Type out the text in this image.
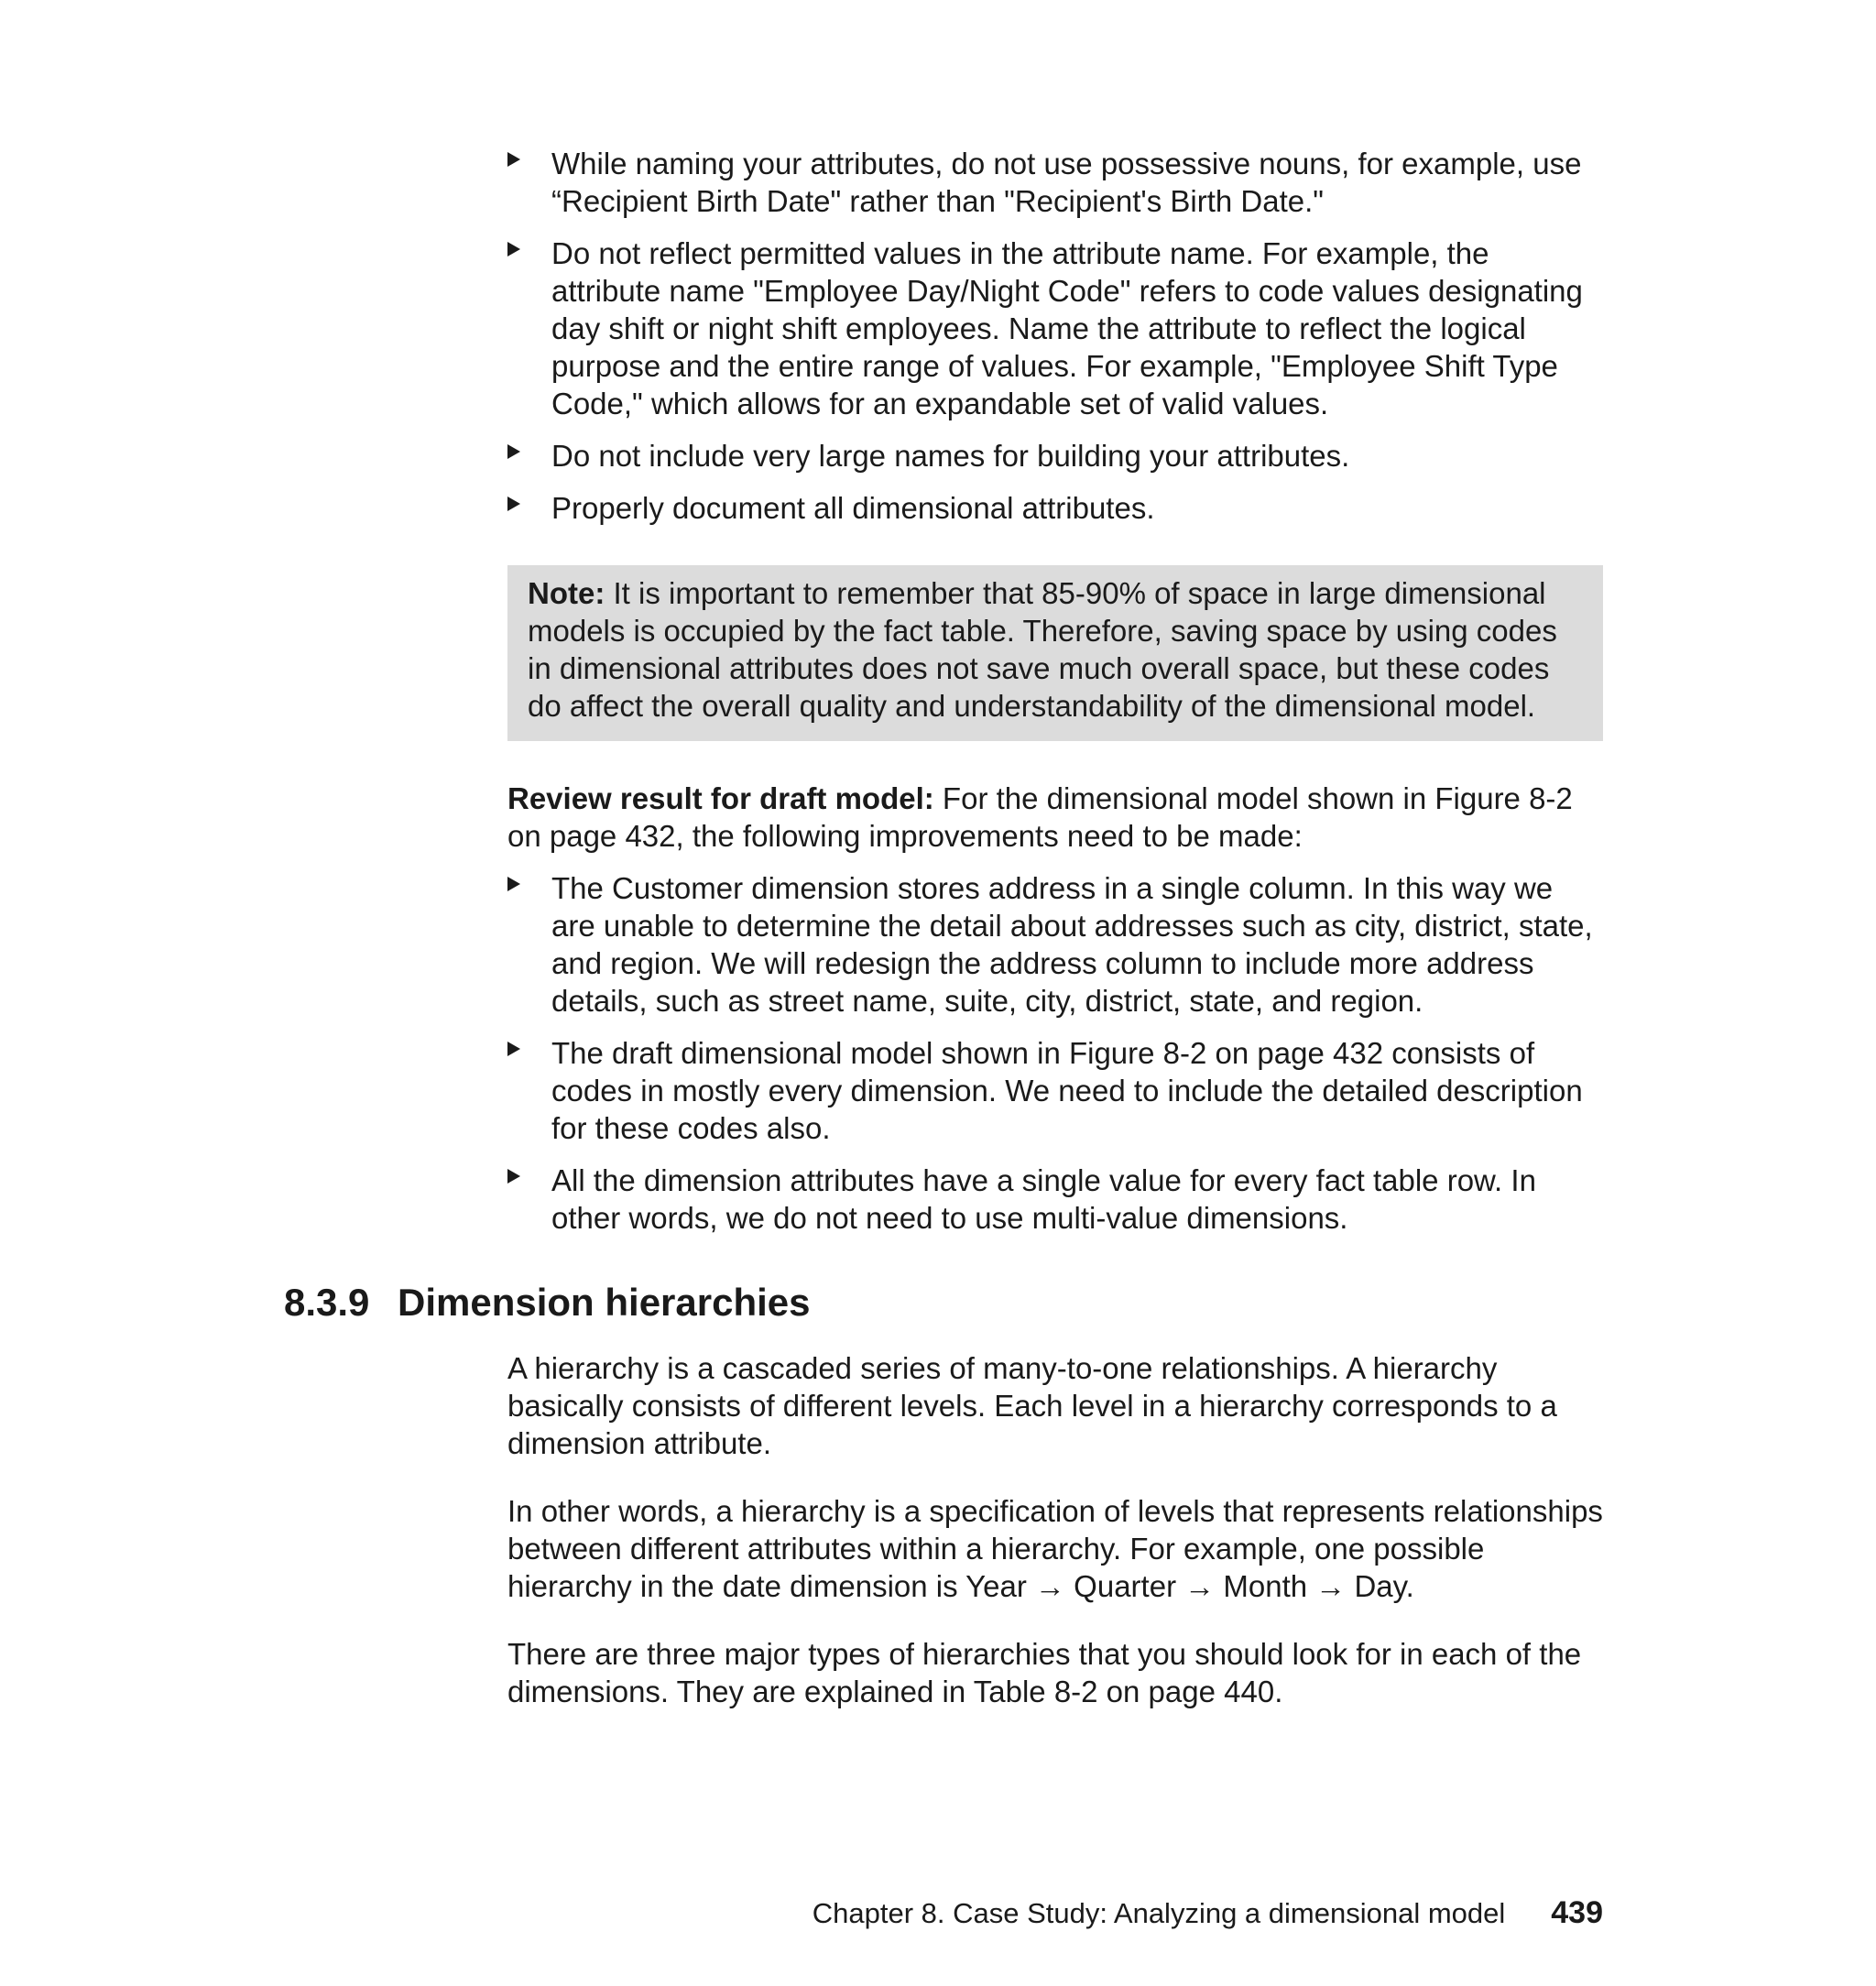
While naming your attributes, do not use possessive nouns, for example, use “Recipient Birth Date" rather than "Recipient's Birth Date."
Do not reflect permitted values in the attribute name. For example, the attribute name "Employee Day/Night Code" refers to code values designating day shift or night shift employees. Name the attribute to reflect the logical purpose and the entire range of values. For example, "Employee Shift Type Code," which allows for an expandable set of valid values.
Do not include very large names for building your attributes.
Properly document all dimensional attributes.
Note: It is important to remember that 85-90% of space in large dimensional models is occupied by the fact table. Therefore, saving space by using codes in dimensional attributes does not save much overall space, but these codes do affect the overall quality and understandability of the dimensional model.

Review result for draft model: For the dimensional model shown in Figure 8-2 on page 432, the following improvements need to be made:

The Customer dimension stores address in a single column. In this way we are unable to determine the detail about addresses such as city, district, state, and region. We will redesign the address column to include more address details, such as street name, suite, city, district, state, and region.
The draft dimensional model shown in Figure 8-2 on page 432 consists of codes in mostly every dimension. We need to include the detailed description for these codes also.
All the dimension attributes have a single value for every fact table row. In other words, we do not need to use multi-value dimensions.
8.3.9 Dimension hierarchies

A hierarchy is a cascaded series of many-to-one relationships. A hierarchy basically consists of different levels. Each level in a hierarchy corresponds to a dimension attribute.

In other words, a hierarchy is a specification of levels that represents relationships between different attributes within a hierarchy. For example, one possible hierarchy in the date dimension is Year → Quarter → Month → Day.

There are three major types of hierarchies that you should look for in each of the dimensions. They are explained in Table 8-2 on page 440.

Chapter 8. Case Study: Analyzing a dimensional model 439
